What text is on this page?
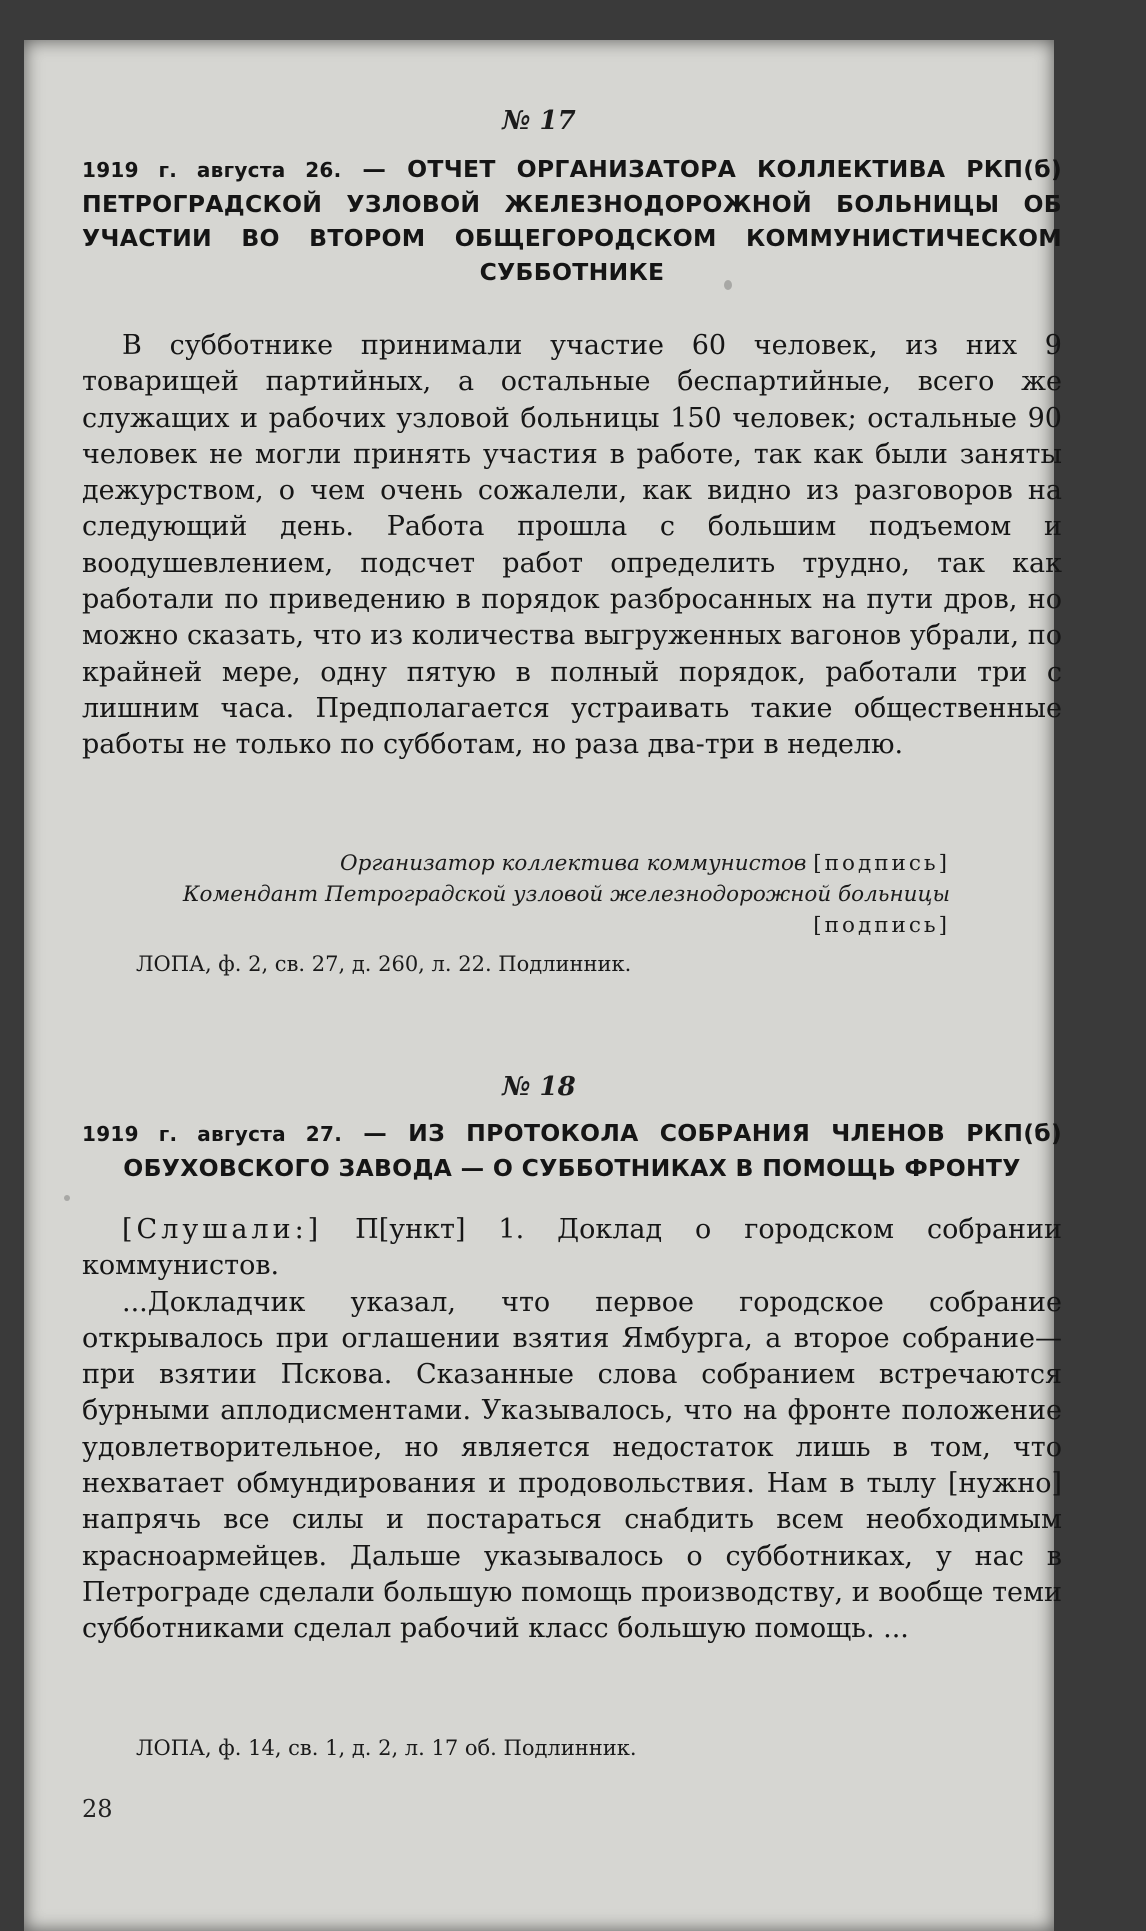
№ 17
1919 г. августа 26. — ОТЧЕТ ОРГАНИЗАТОРА КОЛЛЕКТИВА РКП(б) ПЕТРОГРАДСКОЙ УЗЛОВОЙ ЖЕЛЕЗНОДОРОЖНОЙ БОЛЬНИЦЫ ОБ УЧАСТИИ ВО ВТОРОМ ОБЩЕГОРОДСКОМ КОММУНИСТИЧЕСКОМ СУББОТНИКЕ

В субботнике принимали участие 60 человек, из них 9 товарищей партийных, а остальные беспартийные, всего же служащих и рабочих узловой больницы 150 человек; остальные 90 человек не могли принять участия в работе, так как были заняты дежурством, о чем очень сожалели, как видно из разговоров на следующий день. Работа прошла с большим подъемом и воодушевлением, подсчет работ определить трудно, так как работали по приведению в порядок разбросанных на пути дров, но можно сказать, что из количества выгруженных вагонов убрали, по крайней мере, одну пятую в полный порядок, работали три с лишним часа. Предполагается устраивать такие общественные работы не только по субботам, но раза два-три в неделю.

Организатор коллектива коммунистов [подпись]
Комендант Петроградской узловой железнодорожной больницы [подпись]
ЛОПА, ф. 2, св. 27, д. 260, л. 22. Подлинник.
№ 18
1919 г. августа 27. — ИЗ ПРОТОКОЛА СОБРАНИЯ ЧЛЕНОВ РКП(б) ОБУХОВСКОГО ЗАВОДА — О СУББОТНИКАХ В ПОМОЩЬ ФРОНТУ

[Слушали:] П[ункт] 1. Доклад о городском собрании коммунистов.

...Докладчик указал, что первое городское собрание открывалось при оглашении взятия Ямбурга, а второе собрание— при взятии Пскова. Сказанные слова собранием встречаются бурными аплодисментами. Указывалось, что на фронте положение удовлетворительное, но является недостаток лишь в том, что нехватает обмундирования и продовольствия. Нам в тылу [нужно] напрячь все силы и постараться снабдить всем необходимым красноармейцев. Дальше указывалось о субботниках, у нас в Петрограде сделали большую помощь производству, и вообще теми субботниками сделал рабочий класс большую помощь. ...

ЛОПА, ф. 14, св. 1, д. 2, л. 17 об. Подлинник.
28
